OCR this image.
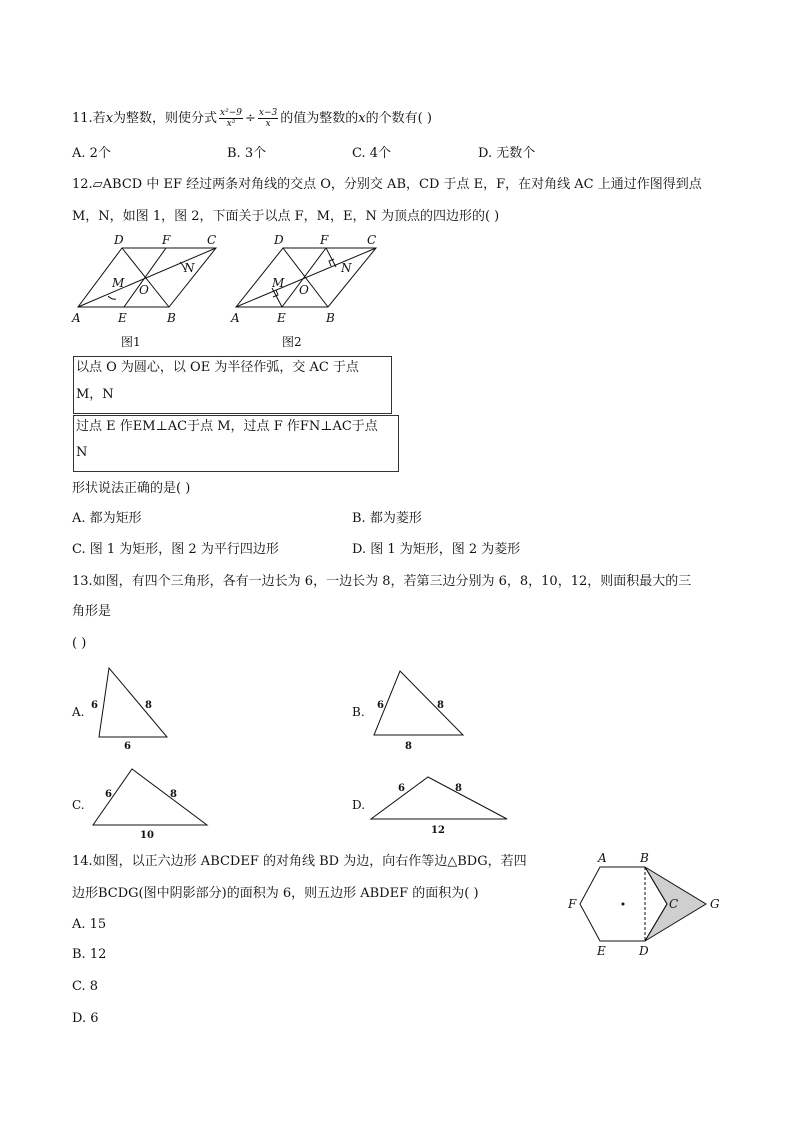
11.若x为整数，则使分式 $\frac{\text{x²−9}}{\text{x²}} \div \frac{x-3}{x}$ 的值为整数的x的个数有( )
A. 2个	B. 3个	C. 4个	D. 无数个
12.▱ABCD 中 EF 经过两条对角线的交点 O，分别交 AB，CD 于点 E，F，在对角线 AC 上通过作图得到点
M，N，如图 1，图 2，下面关于以点 F，M，E，N 为顶点的四边形的( )
D	F	C
M
N
O
A	E	B
图1
D	F	C
M
N
O
A	E	B
图2
以点 O 为圆心，以 OE 为半径作弧，交 AC 于点
M，N
过点 E 作EM⊥AC于点 M，过点 F 作FN⊥AC于点
N
形状说法正确的是( )
A. 都为矩形	B. 都为菱形
C. 图 1 为矩形，图 2 为平行四边形	D. 图 1 为矩形，图 2 为菱形
13.如图，有四个三角形，各有一边长为 6，一边长为 8，若第三边分别为 6，8，10，12，则面积最大的三
角形是
( )
A. 6	8
6
B. 6	8
8
C.
6	8
10
D.
6	8
12
14.如图，以正六边形 ABCDEF 的对角线 BD 为边，向右作等边△BDG，若四
边形BCDG(图中阴影部分)的面积为 6，则五边形 ABDEF 的面积为( )
A. 15
B. 12
C. 8
D. 6
A	B
F	C	G
E	D
